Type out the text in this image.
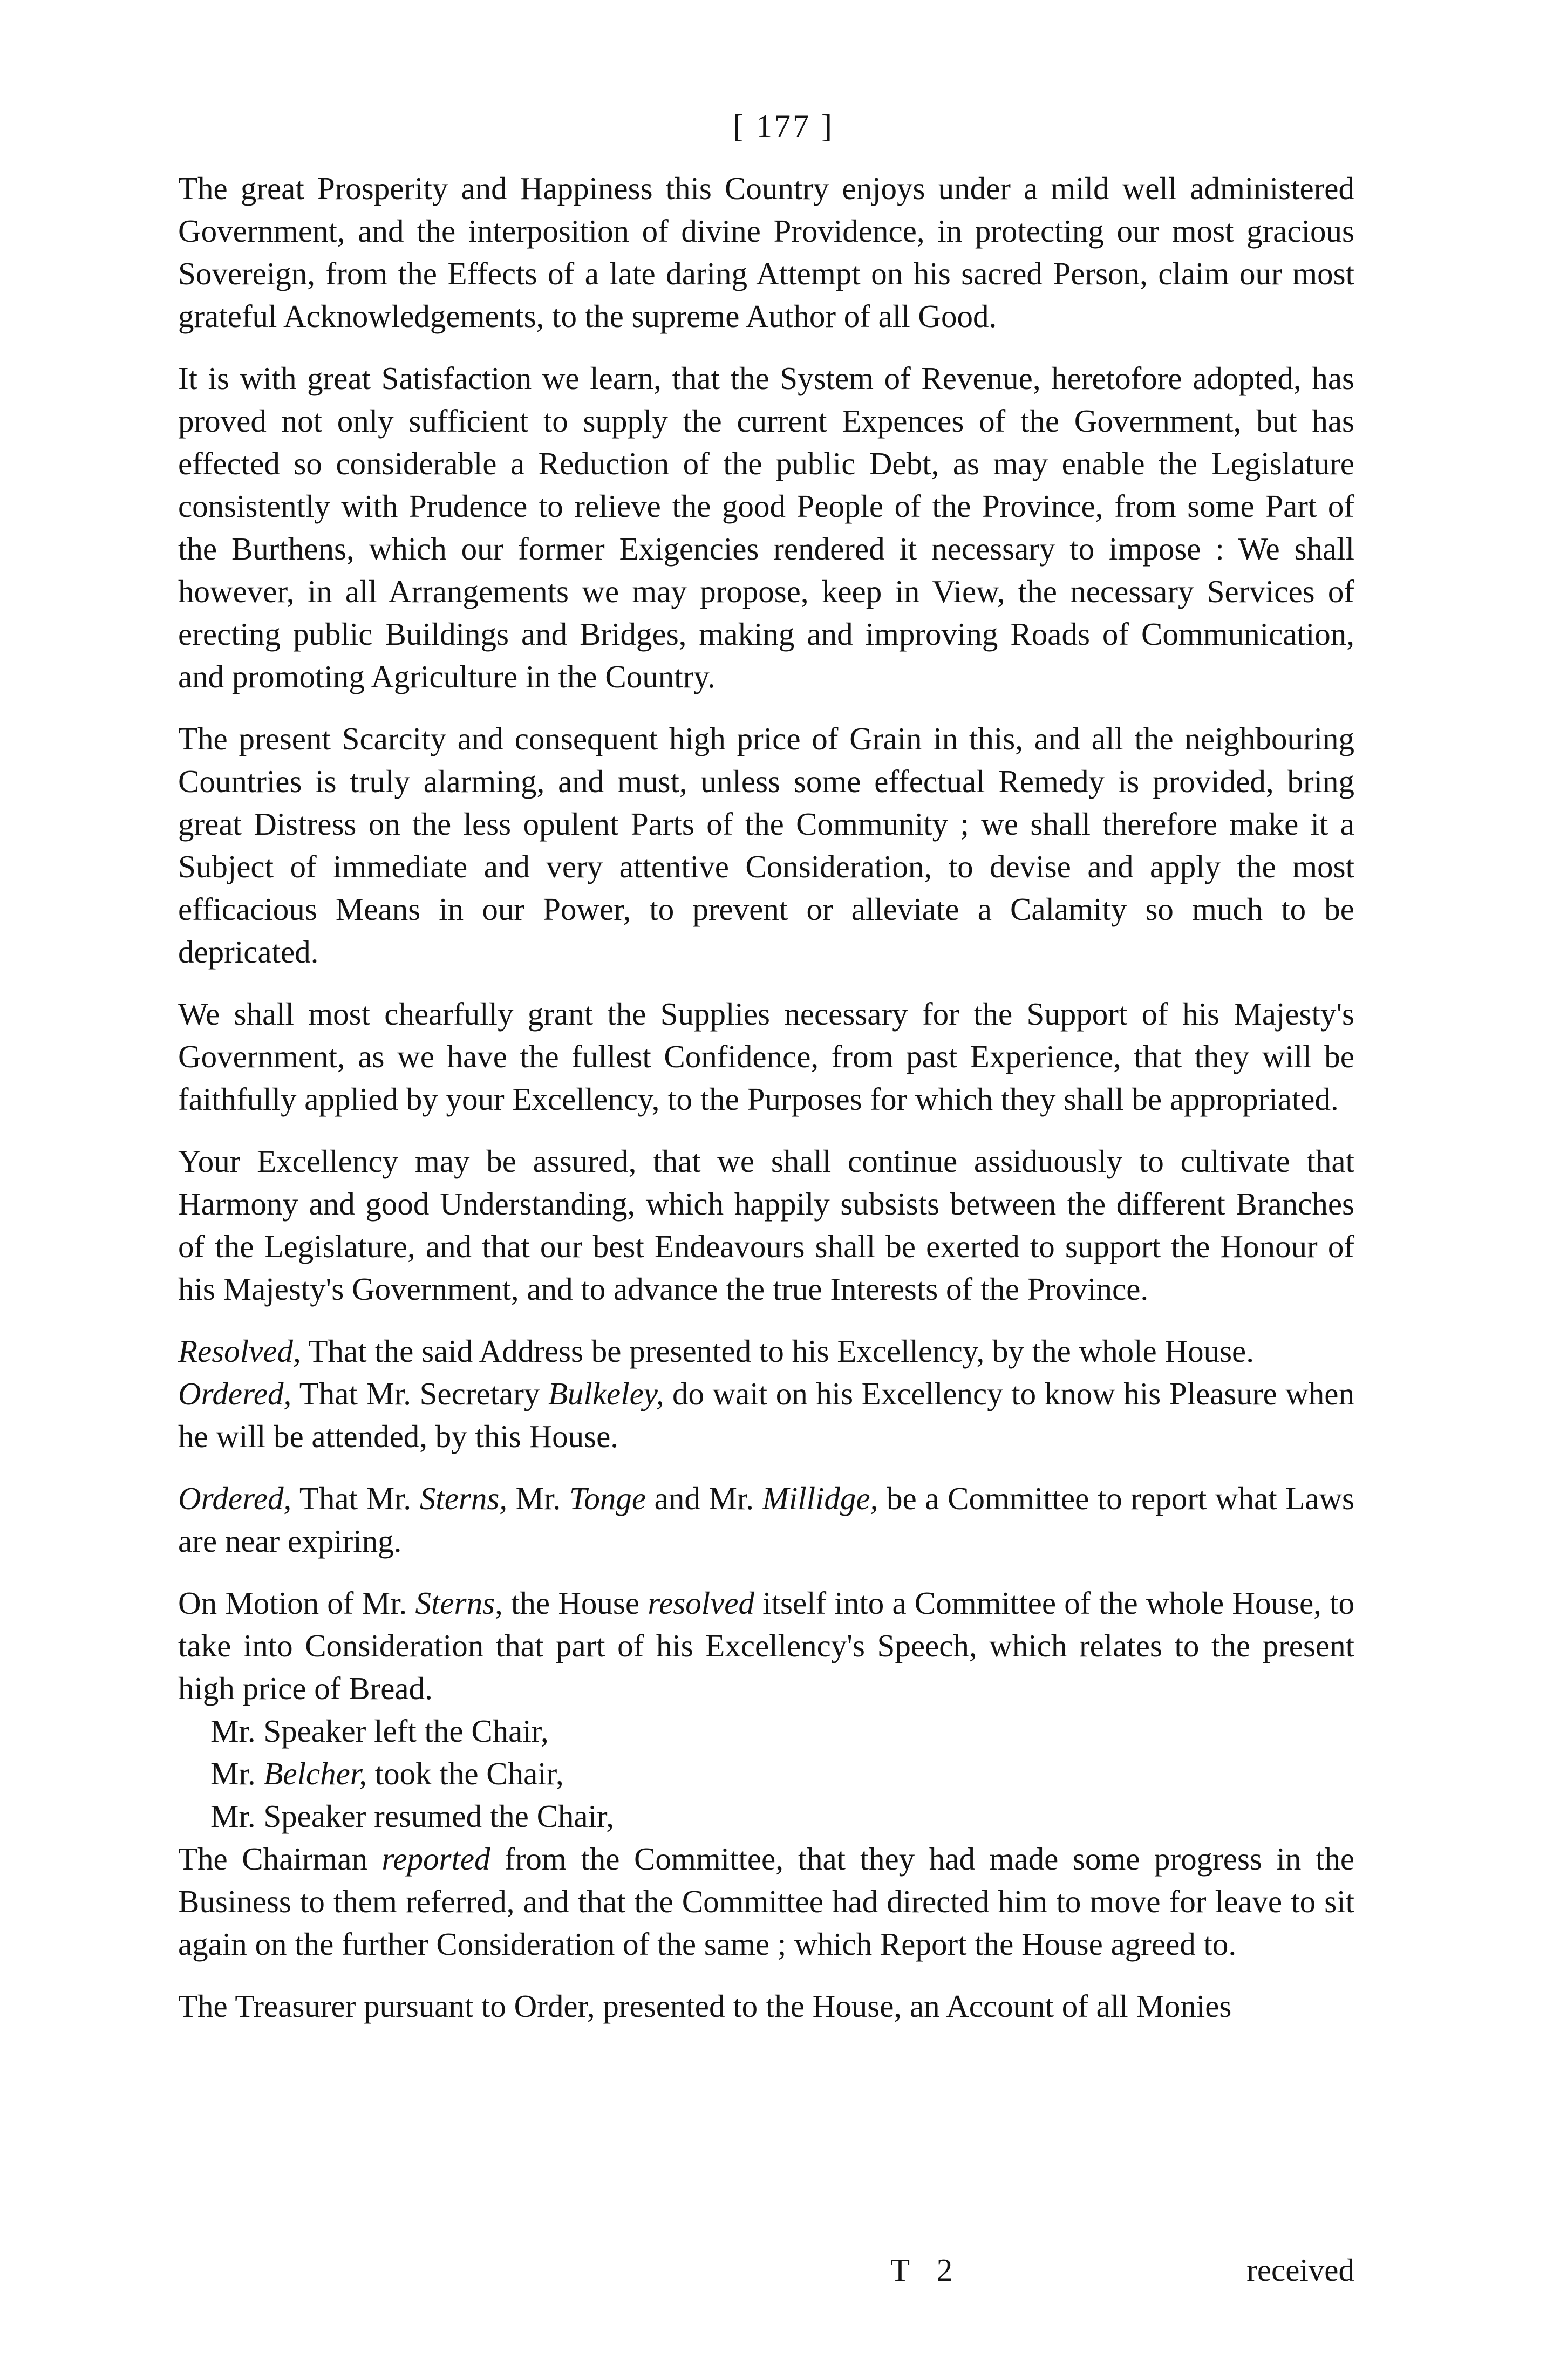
[ 177 ]

The great Prosperity and Happiness this Country enjoys under a mild well administered Government, and the interposition of divine Providence, in protecting our most gracious Sovereign, from the Effects of a late daring Attempt on his sacred Person, claim our most grateful Acknowledgements, to the supreme Author of all Good.

It is with great Satisfaction we learn, that the System of Revenue, heretofore adopted, has proved not only sufficient to supply the current Expences of the Government, but has effected so considerable a Reduction of the public Debt, as may enable the Legislature consistently with Prudence to relieve the good People of the Province, from some Part of the Burthens, which our former Exigencies rendered it necessary to impose : We shall however, in all Arrangements we may propose, keep in View, the necessary Services of erecting public Buildings and Bridges, making and improving Roads of Communication, and promoting Agriculture in the Country.

The present Scarcity and consequent high price of Grain in this, and all the neighbouring Countries is truly alarming, and must, unless some effectual Remedy is provided, bring great Distress on the less opulent Parts of the Community ; we shall therefore make it a Subject of immediate and very attentive Consideration, to devise and apply the most efficacious Means in our Power, to prevent or alleviate a Calamity so much to be depricated.

We shall most chearfully grant the Supplies necessary for the Support of his Majesty's Government, as we have the fullest Confidence, from past Experience, that they will be faithfully applied by your Excellency, to the Purposes for which they shall be appropriated.

Your Excellency may be assured, that we shall continue assiduously to cultivate that Harmony and good Understanding, which happily subsists between the different Branches of the Legislature, and that our best Endeavours shall be exerted to support the Honour of his Majesty's Government, and to advance the true Interests of the Province.

Resolved, That the said Address be presented to his Excellency, by the whole House.

Ordered, That Mr. Secretary Bulkeley, do wait on his Excellency to know his Pleasure when he will be attended, by this House.

Ordered, That Mr. Sterns, Mr. Tonge and Mr. Millidge, be a Committee to report what Laws are near expiring.

On Motion of Mr. Sterns, the House resolved itself into a Committee of the whole House, to take into Consideration that part of his Excellency's Speech, which relates to the present high price of Bread.

Mr. Speaker left the Chair,

Mr. Belcher, took the Chair,

Mr. Speaker resumed the Chair,

The Chairman reported from the Committee, that they had made some progress in the Business to them referred, and that the Committee had directed him to move for leave to sit again on the further Consideration of the same ; which Report the House agreed to.

The Treasurer pursuant to Order, presented to the House, an Account of all Monies

T 2	received
